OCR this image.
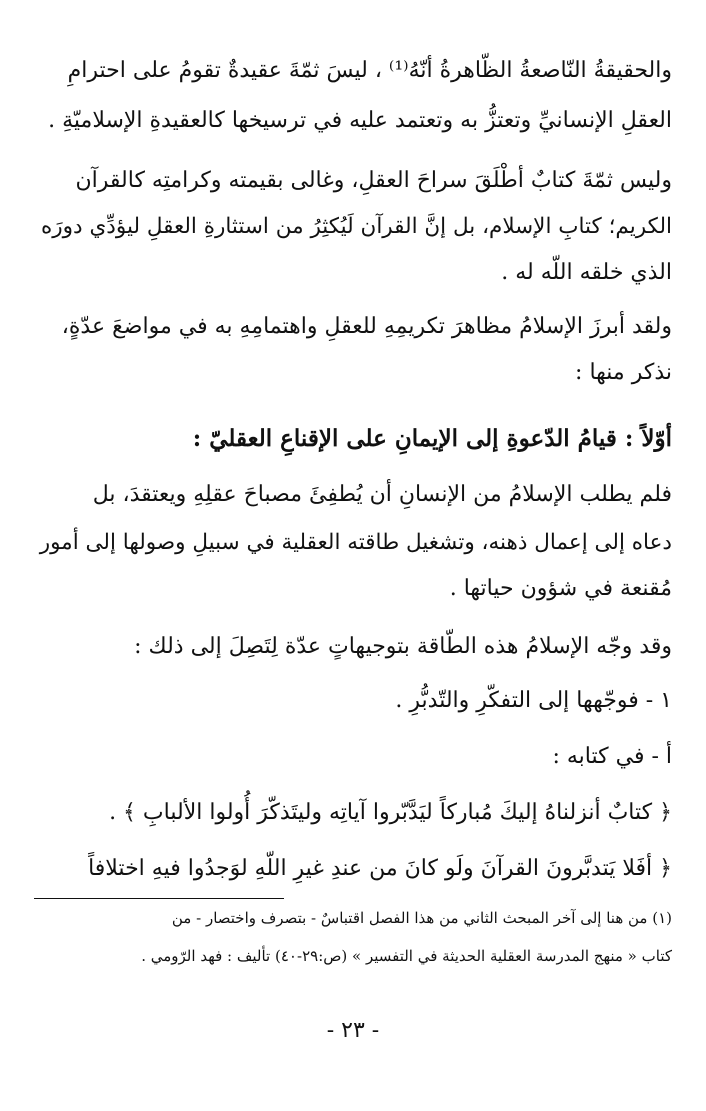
والحقيقةُ النّاصعةُ الظّاهرةُ أنّهُ⁽¹⁾ ، ليسَ ثمّةَ عقيدةٌ تقومُ على احترامِ
العقلِ الإنسانيِّ وتعتزُّ به وتعتمد عليه في ترسيخها كالعقيدةِ الإسلاميّةِ .
وليس ثمّةَ كتابٌ أطْلَقَ سراحَ العقلِ، وغالى بقيمته وكرامتِه كالقرآن
الكريم؛ كتابِ الإسلام، بل إنَّ القرآن لَيُكثِرُ من استثارةِ العقلِ ليؤدِّي دورَه
الذي خلقه اللّه له .
ولقد أبرزَ الإسلامُ مظاهرَ تكريمِهِ للعقلِ واهتمامِهِ به في مواضعَ عدّةٍ،
نذكر منها :
أوّلاً : قيامُ الدّعوةِ إلى الإيمانِ على الإقناعِ العقليّ :
فلم يطلب الإسلامُ من الإنسانِ أن يُطفِئَ مصباحَ عقلِهِ ويعتقدَ، بل
دعاه إلى إعمال ذهنه، وتشغيل طاقته العقلية في سبيلِ وصولها إلى أمور
مُقنعة في شؤون حياتها .
وقد وجّه الإسلامُ هذه الطّاقة بتوجيهاتٍ عدّة لِتَصِلَ إلى ذلك :
١ - فوجّهها إلى التفكّرِ والتّدبُّرِ .
أ - في كتابه :
﴿ كتابٌ أنزلناهُ إليكَ مُباركاً ليَدَّبّروا آياتِه وليتَذكّرَ أُولوا الألبابِ ﴾ .
﴿ أفَلا يَتدبَّرونَ القرآنَ ولَو كانَ من عندِ غيرِ اللّهِ لوَجدُوا فيهِ اختلافاً
(١) من هنا إلى آخر المبحث الثاني من هذا الفصل اقتباسٌ - بتصرف واختصار - من
كتاب « منهج المدرسة العقلية الحديثة في التفسير » (ص:٢٩-٤٠) تأليف : فهد الرّومي .
- ٢٣ -
